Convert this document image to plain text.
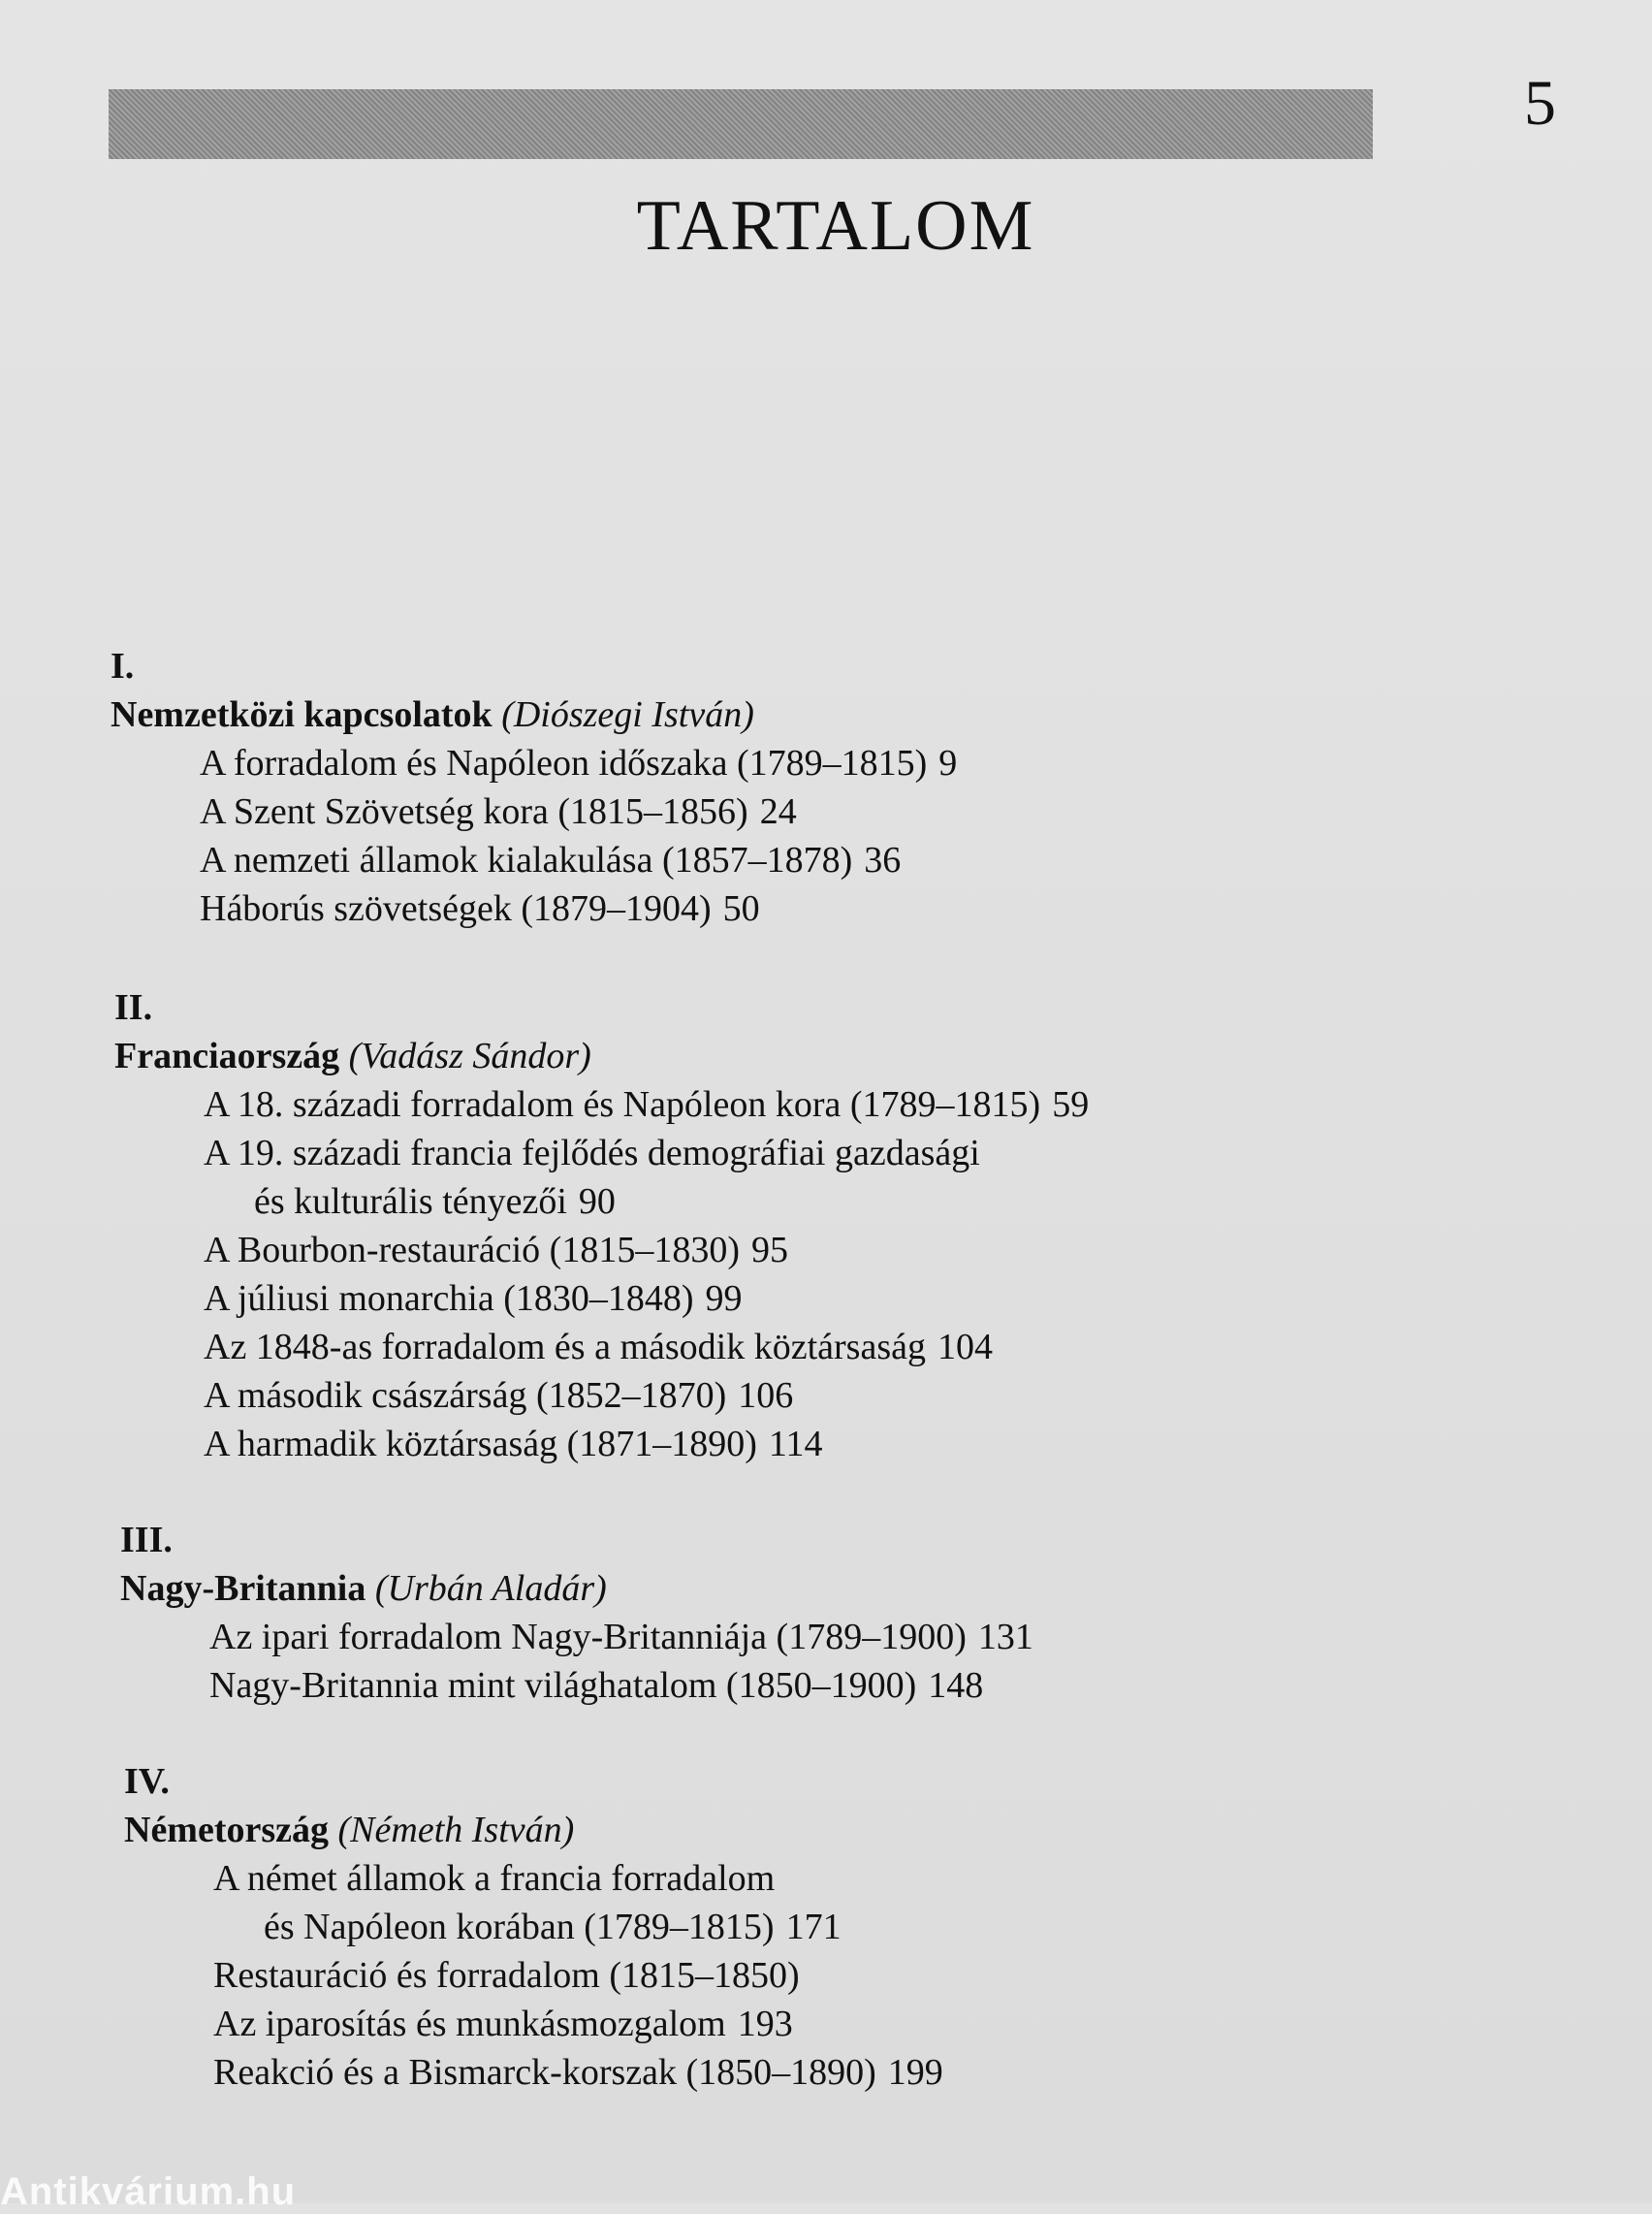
5
TARTALOM
I.
Nemzetközi kapcsolatok (Diószegi István)
A forradalom és Napóleon időszaka (1789–1815) 9
A Szent Szövetség kora (1815–1856) 24
A nemzeti államok kialakulása (1857–1878) 36
Háborús szövetségek (1879–1904) 50
II.
Franciaország (Vadász Sándor)
A 18. századi forradalom és Napóleon kora (1789–1815) 59
A 19. századi francia fejlődés demográfiai gazdasági
és kulturális tényezői 90
A Bourbon-restauráció (1815–1830) 95
A júliusi monarchia (1830–1848) 99
Az 1848-as forradalom és a második köztársaság 104
A második császárság (1852–1870) 106
A harmadik köztársaság (1871–1890) 114
III.
Nagy-Britannia (Urbán Aladár)
Az ipari forradalom Nagy-Britanniája (1789–1900) 131
Nagy-Britannia mint világhatalom (1850–1900) 148
IV.
Németország (Németh István)
A német államok a francia forradalom
és Napóleon korában (1789–1815) 171
Restauráció és forradalom (1815–1850)
Az iparosítás és munkásmozgalom 193
Reakció és a Bismarck-korszak (1850–1890) 199
Antikvárium.hu
